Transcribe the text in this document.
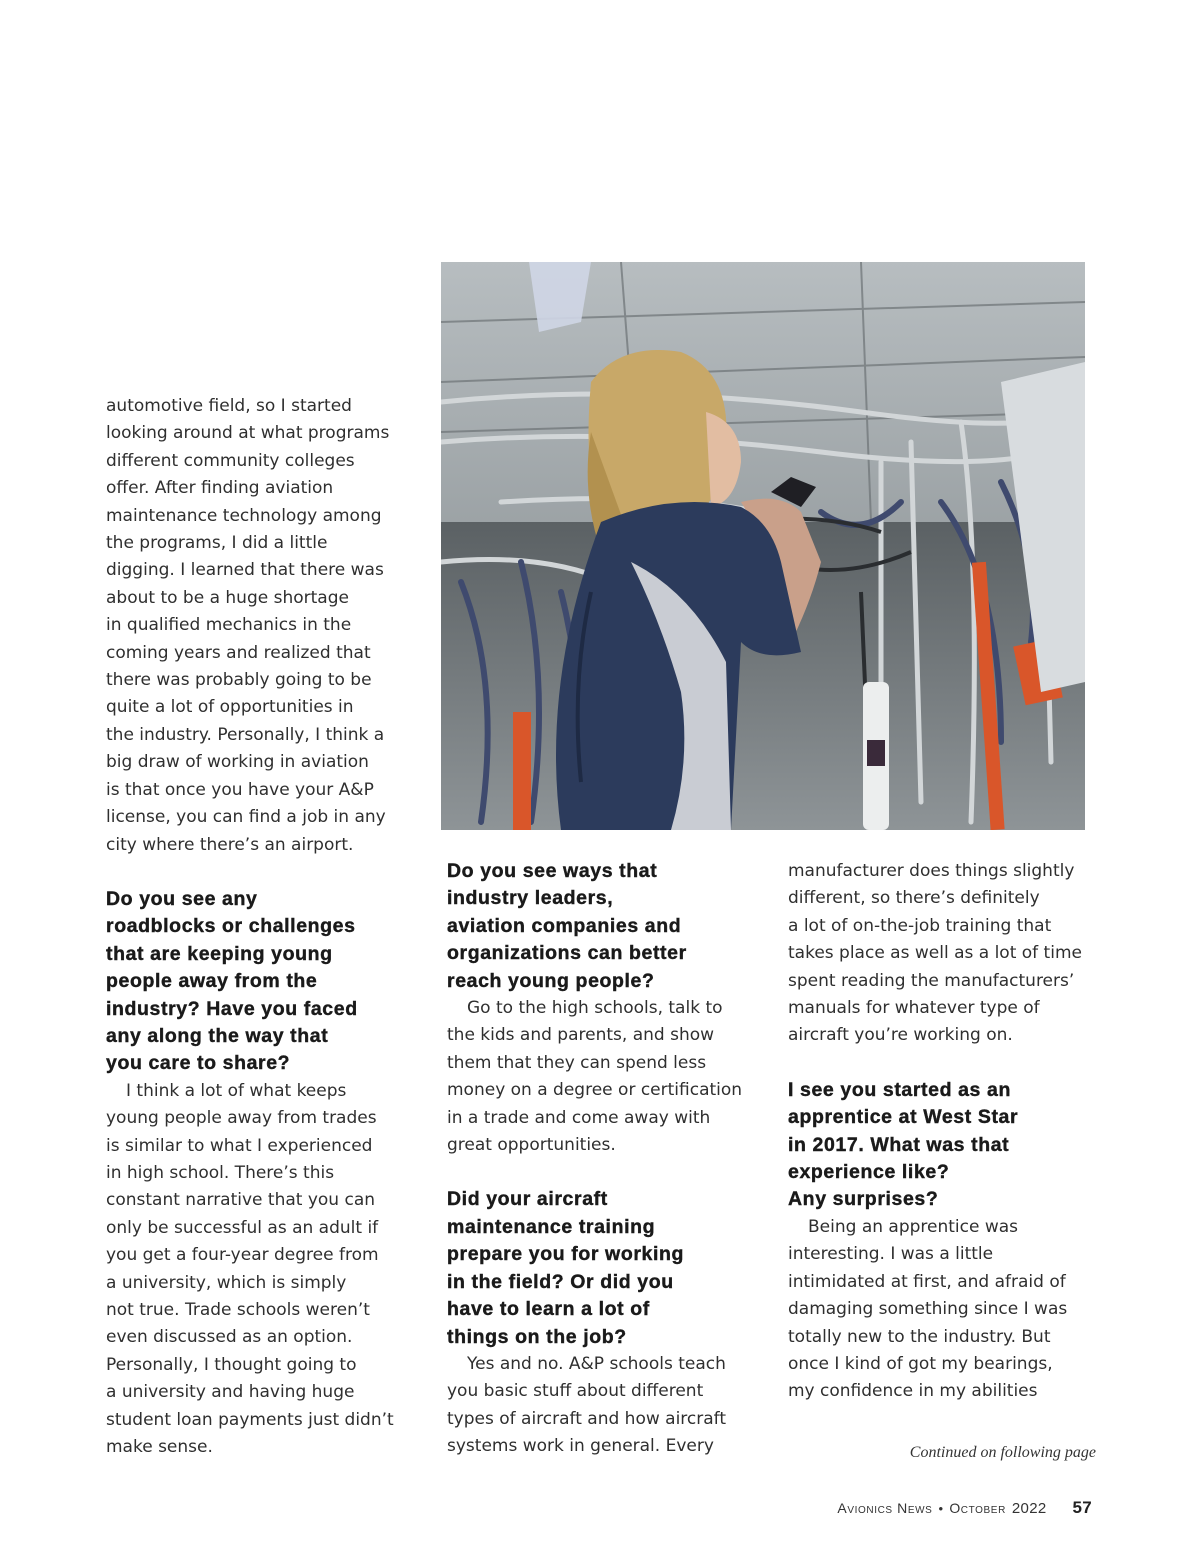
automotive field, so I started
looking around at what programs
different community colleges
offer. After finding aviation
maintenance technology among
the programs, I did a little
digging. I learned that there was
about to be a huge shortage
in qualified mechanics in the
coming years and realized that
there was probably going to be
quite a lot of opportunities in
the industry. Personally, I think a
big draw of working in aviation
is that once you have your A&P
license, you can find a job in any
city where there’s an airport.
Do you see any
roadblocks or challenges
that are keeping young
people away from the
industry? Have you faced
any along the way that
you care to share?
I think a lot of what keeps
young people away from trades
is similar to what I experienced
in high school. There’s this
constant narrative that you can
only be successful as an adult if
you get a four-year degree from
a university, which is simply
not true. Trade schools weren’t
even discussed as an option.
Personally, I thought going to
a university and having huge
student loan payments just didn’t
make sense.
Do you see ways that
industry leaders,
aviation companies and
organizations can better
reach young people?
Go to the high schools, talk to
the kids and parents, and show
them that they can spend less
money on a degree or certification
in a trade and come away with
great opportunities.
Did your aircraft
maintenance training
prepare you for working
in the field? Or did you
have to learn a lot of
things on the job?
Yes and no. A&P schools teach
you basic stuff about different
types of aircraft and how aircraft
systems work in general. Every
manufacturer does things slightly
different, so there’s definitely
a lot of on-the-job training that
takes place as well as a lot of time
spent reading the manufacturers’
manuals for whatever type of
aircraft you’re working on.
I see you started as an
apprentice at West Star
in 2017. What was that
experience like?
Any surprises?
Being an apprentice was
interesting. I was a little
intimidated at first, and afraid of
damaging something since I was
totally new to the industry. But
once I kind of got my bearings,
my confidence in my abilities
Continued on following page
Avionics News • October 2022 57
